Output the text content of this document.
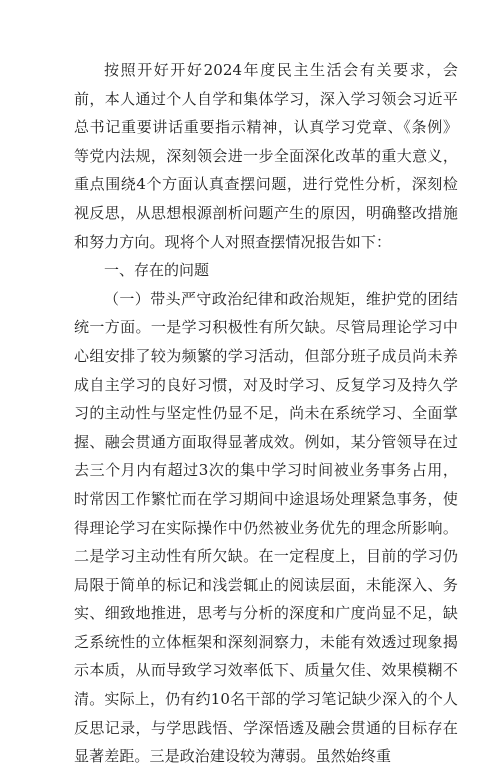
按照开好开好2024年度民主生活会有关要求，会前，本人通过个人自学和集体学习，深入学习领会习近平总书记重要讲话重要指示精神，认真学习党章、《条例》等党内法规，深刻领会进一步全面深化改革的重大意义，重点围绕4个方面认真查摆问题，进行党性分析，深刻检视反思，从思想根源剖析问题产生的原因，明确整改措施和努力方向。现将个人对照查摆情况报告如下：

一、存在的问题

（一）带头严守政治纪律和政治规矩，维护党的团结统一方面。一是学习积极性有所欠缺。尽管局理论学习中心组安排了较为频繁的学习活动，但部分班子成员尚未养成自主学习的良好习惯，对及时学习、反复学习及持久学习的主动性与坚定性仍显不足，尚未在系统学习、全面掌握、融会贯通方面取得显著成效。例如，某分管领导在过去三个月内有超过3次的集中学习时间被业务事务占用，时常因工作繁忙而在学习期间中途退场处理紧急事务，使得理论学习在实际操作中仍然被业务优先的理念所影响。二是学习主动性有所欠缺。在一定程度上，目前的学习仍局限于简单的标记和浅尝辄止的阅读层面，未能深入、务实、细致地推进，思考与分析的深度和广度尚显不足，缺乏系统性的立体框架和深刻洞察力，未能有效透过现象揭示本质，从而导致学习效率低下、质量欠佳、效果模糊不清。实际上，仍有约10名干部的学习笔记缺少深入的个人反思记录，与学思践悟、学深悟透及融会贯通的目标存在显著差距。三是政治建设较为薄弱。虽然始终重
